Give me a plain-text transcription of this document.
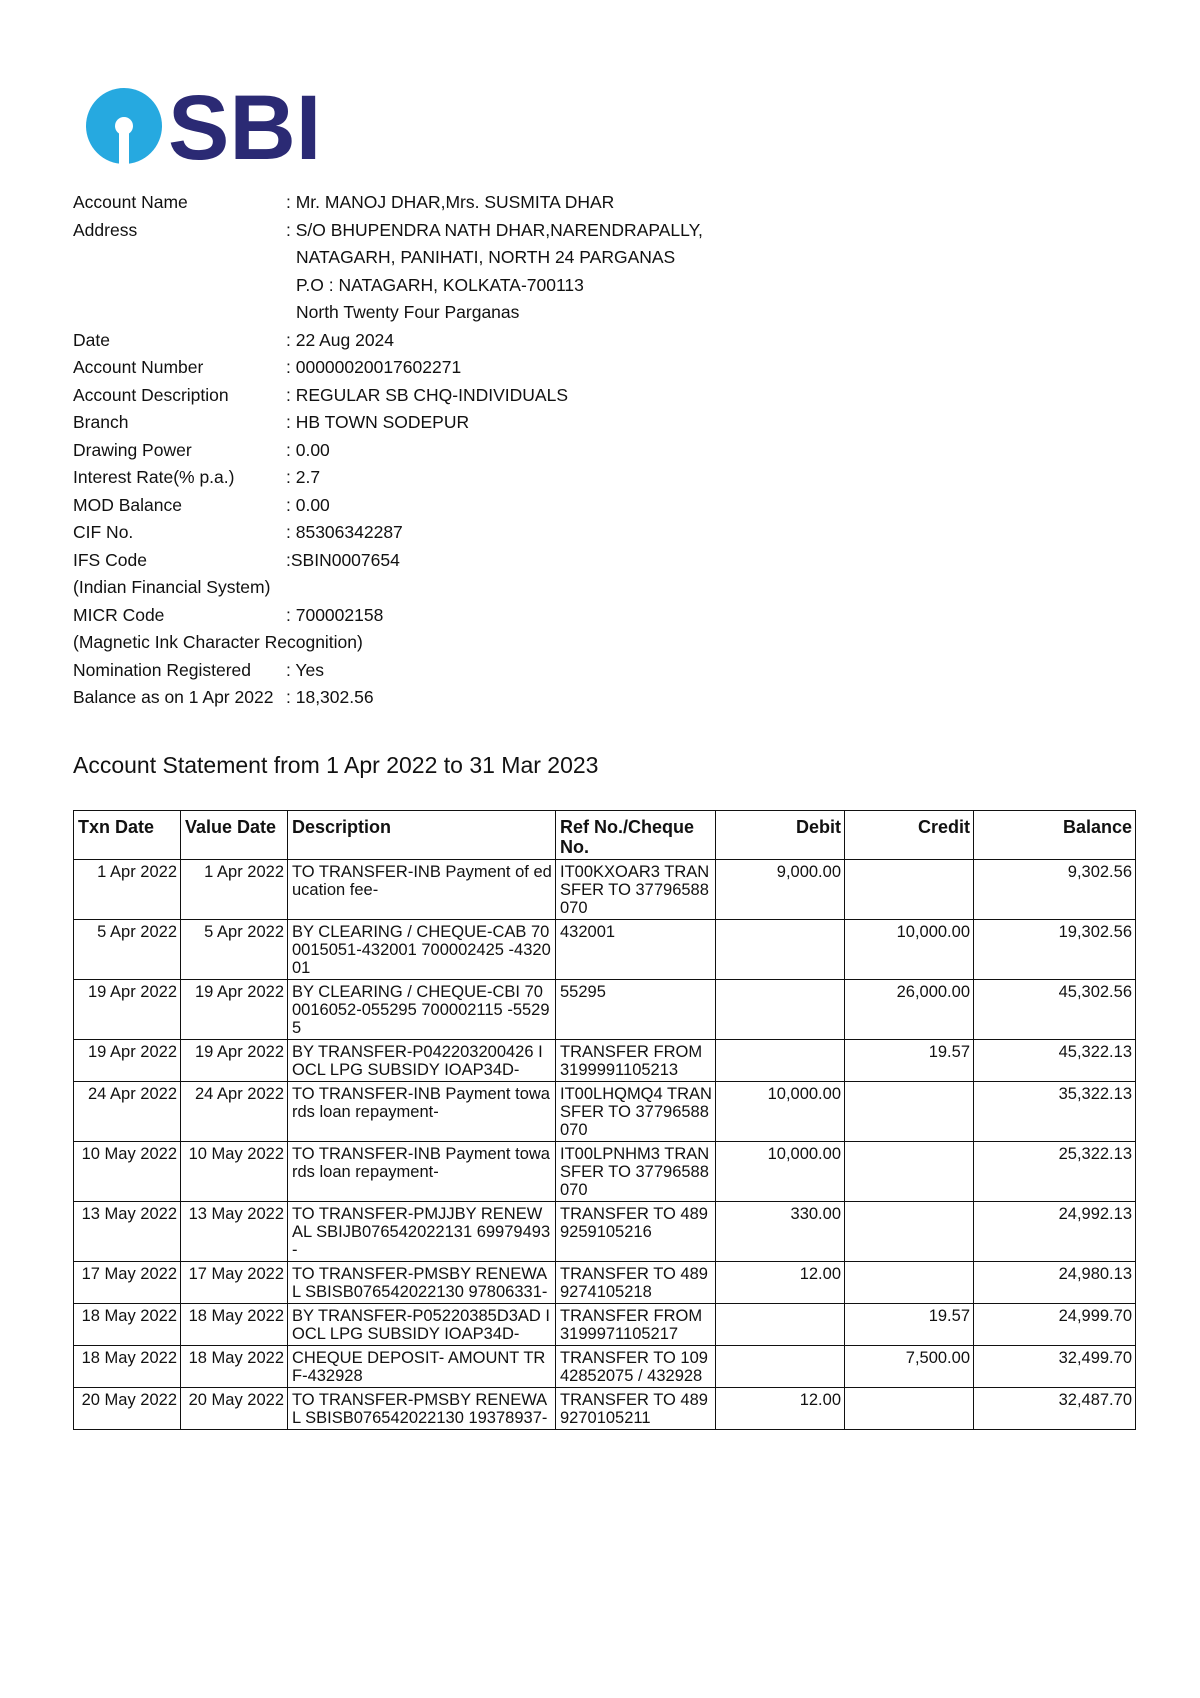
SBI
Account Name	: Mr. MANOJ DHAR,Mrs. SUSMITA DHAR
Address	: S/O BHUPENDRA NATH DHAR,NARENDRAPALLY,
NATAGARH, PANIHATI, NORTH 24 PARGANAS
P.O : NATAGARH, KOLKATA-700113
North Twenty Four Parganas
Date	: 22 Aug 2024
Account Number	: 00000020017602271
Account Description	: REGULAR SB CHQ-INDIVIDUALS
Branch	: HB TOWN SODEPUR
Drawing Power	: 0.00
Interest Rate(% p.a.)	: 2.7
MOD Balance	: 0.00
CIF No.	: 85306342287
IFS Code	:SBIN0007654
(Indian Financial System)
MICR Code	: 700002158
(Magnetic Ink Character Recognition)
Nomination Registered	: Yes
Balance as on 1 Apr 2022 : 18,302.56
Account Statement from 1 Apr 2022 to 31 Mar 2023
Txn Date	Value Date	Description	Ref No./Cheque No.	Debit	Credit	Balance
1 Apr 2022	1 Apr 2022	TO TRANSFER-INB Payment of education fee-	IT00KXOAR3 TRANSFER TO 37796588070	9,000.00		9,302.56
5 Apr 2022	5 Apr 2022	BY CLEARING / CHEQUE-CAB 700015051-432001 700002425 -432001	432001		10,000.00	19,302.56
19 Apr 2022	19 Apr 2022	BY CLEARING / CHEQUE-CBI 700016052-055295 700002115 -55295	55295		26,000.00	45,302.56
19 Apr 2022	19 Apr 2022	BY TRANSFER-P042203200426 IOCL LPG SUBSIDY IOAP34D-	TRANSFER FROM 3199991105213		19.57	45,322.13
24 Apr 2022	24 Apr 2022	TO TRANSFER-INB Payment towards loan repayment-	IT00LHQMQ4 TRANSFER TO 37796588070	10,000.00		35,322.13
10 May 2022	10 May 2022	TO TRANSFER-INB Payment towards loan repayment-	IT00LPNHM3 TRANSFER TO 37796588070	10,000.00		25,322.13
13 May 2022	13 May 2022	TO TRANSFER-PMJJBY RENEWAL SBIJB076542022131 69979493-	TRANSFER TO 4899259105216	330.00		24,992.13
17 May 2022	17 May 2022	TO TRANSFER-PMSBY RENEWAL SBISB076542022130 97806331-	TRANSFER TO 4899274105218	12.00		24,980.13
18 May 2022	18 May 2022	BY TRANSFER-P05220385D3AD IOCL LPG SUBSIDY IOAP34D-	TRANSFER FROM 3199971105217		19.57	24,999.70
18 May 2022	18 May 2022	CHEQUE DEPOSIT- AMOUNT TRF-432928	TRANSFER TO 10942852075 / 432928		7,500.00	32,499.70
20 May 2022	20 May 2022	TO TRANSFER-PMSBY RENEWAL SBISB076542022130 19378937-	TRANSFER TO 4899270105211	12.00		32,487.70
